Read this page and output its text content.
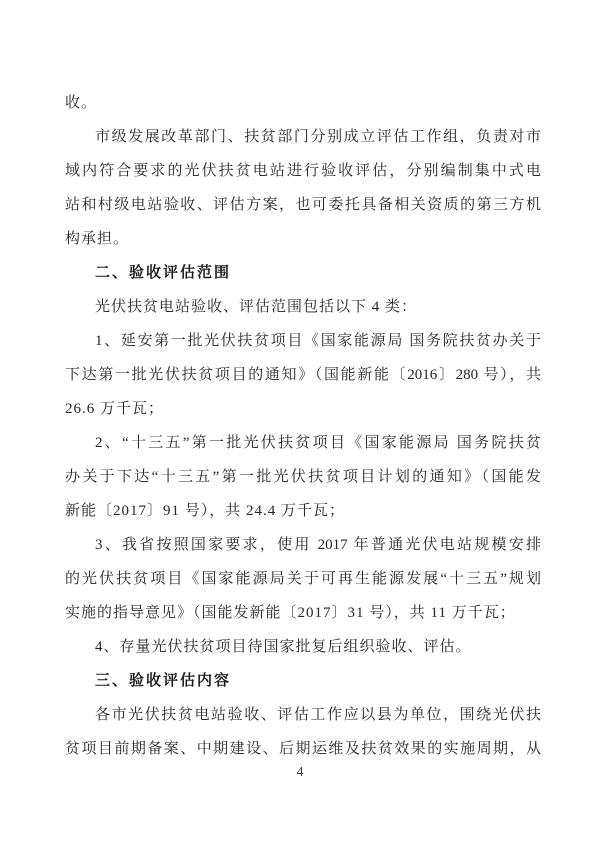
收。
市级发展改革部门、扶贫部门分别成立评估工作组，负责对市
域内符合要求的光伏扶贫电站进行验收评估，分别编制集中式电
站和村级电站验收、评估方案，也可委托具备相关资质的第三方机
构承担。
二、验收评估范围
光伏扶贫电站验收、评估范围包括以下 4 类：
1、延安第一批光伏扶贫项目《国家能源局 国务院扶贫办关于
下达第一批光伏扶贫项目的通知》（国能新能〔2016〕280 号），共
26.6 万千瓦；
2、“十三五”第一批光伏扶贫项目《国家能源局 国务院扶贫
办关于下达“十三五”第一批光伏扶贫项目计划的通知》（国能发
新能〔2017〕91 号），共 24.4 万千瓦；
3、我省按照国家要求，使用 2017 年普通光伏电站规模安排
的光伏扶贫项目《国家能源局关于可再生能源发展“十三五”规划
实施的指导意见》（国能发新能〔2017〕31 号），共 11 万千瓦；
4、存量光伏扶贫项目待国家批复后组织验收、评估。
三、验收评估内容
各市光伏扶贫电站验收、评估工作应以县为单位，围绕光伏扶
贫项目前期备案、中期建设、后期运维及扶贫效果的实施周期，从
4
